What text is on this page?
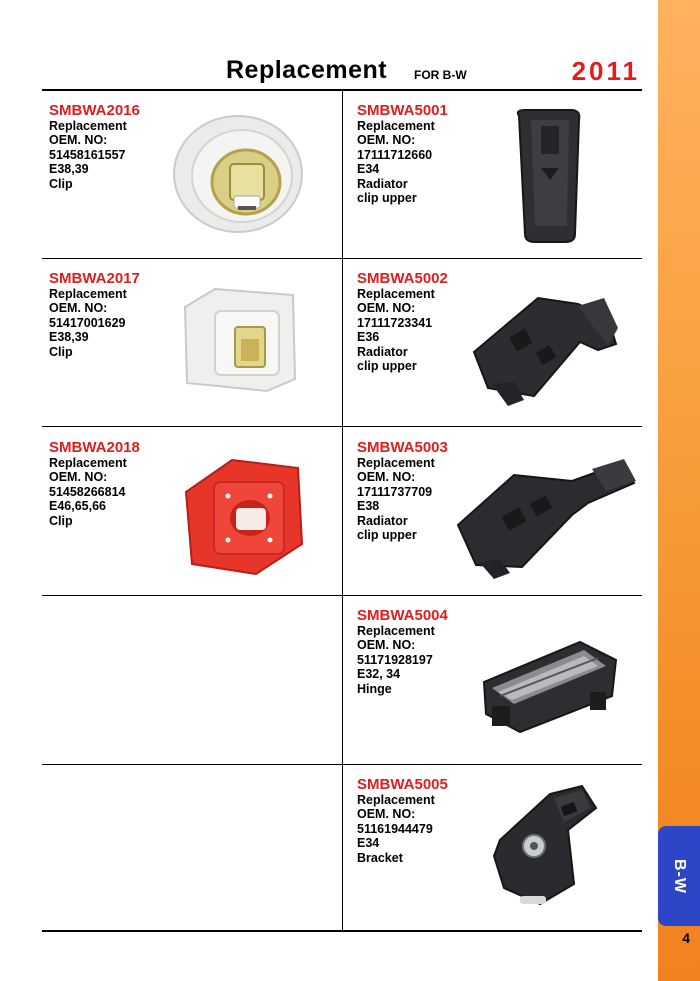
B-W
4
Replacement FOR B-W	2011
SMBWA2016
Replacement
OEM. NO:
51458161557
E38,39
Clip
SMBWA5001
Replacement
OEM. NO:
17111712660
E34
Radiator
clip upper
SMBWA2017
Replacement
OEM. NO:
51417001629
E38,39
Clip
SMBWA5002
Replacement
OEM. NO:
17111723341
E36
Radiator
clip upper
SMBWA2018
Replacement
OEM. NO:
51458266814
E46,65,66
Clip
SMBWA5003
Replacement
OEM. NO:
17111737709
E38
Radiator
clip upper
SMBWA5004
Replacement
OEM. NO:
51171928197
E32, 34
Hinge
SMBWA5005
Replacement
OEM. NO:
51161944479
E34
Bracket
